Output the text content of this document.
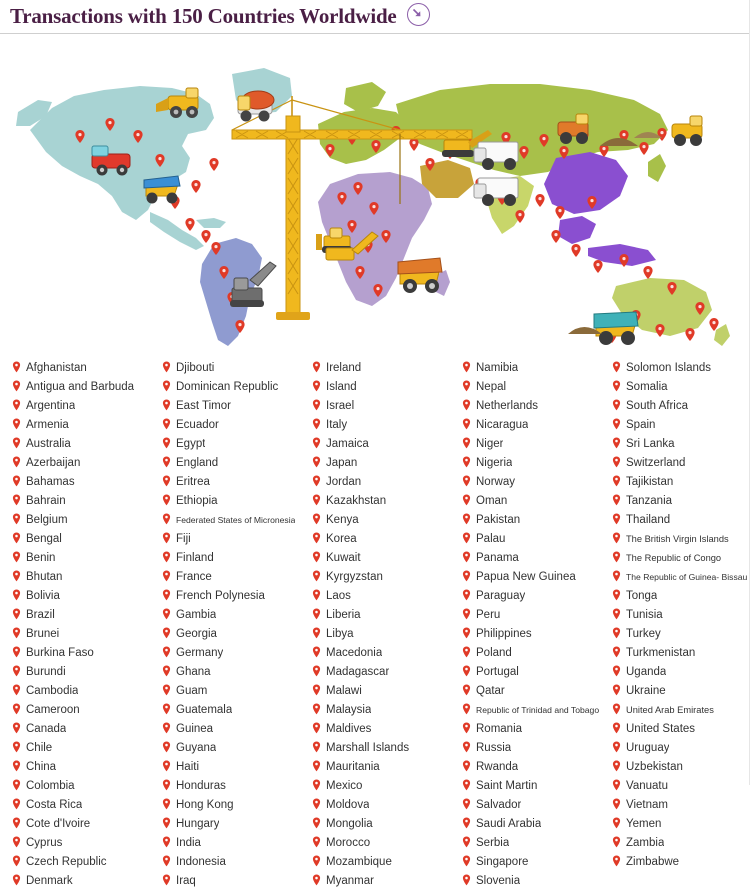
Transactions with 150 Countries Worldwide
Afghanistan
Antigua and Barbuda
Argentina
Armenia
Australia
Azerbaijan
Bahamas
Bahrain
Belgium
Bengal
Benin
Bhutan
Bolivia
Brazil
Brunei
Burkina Faso
Burundi
Cambodia
Cameroon
Canada
Chile
China
Colombia
Costa Rica
Cote d'Ivoire
Cyprus
Czech Republic
Denmark
Djibouti
Dominican Republic
East Timor
Ecuador
Egypt
England
Eritrea
Ethiopia
Federated States of Micronesia
Fiji
Finland
France
French Polynesia
Gambia
Georgia
Germany
Ghana
Guam
Guatemala
Guinea
Guyana
Haiti
Honduras
Hong Kong
Hungary
India
Indonesia
Iraq
Ireland
Island
Israel
Italy
Jamaica
Japan
Jordan
Kazakhstan
Kenya
Korea
Kuwait
Kyrgyzstan
Laos
Liberia
Libya
Macedonia
Madagascar
Malawi
Malaysia
Maldives
Marshall Islands
Mauritania
Mexico
Moldova
Mongolia
Morocco
Mozambique
Myanmar
Namibia
Nepal
Netherlands
Nicaragua
Niger
Nigeria
Norway
Oman
Pakistan
Palau
Panama
Papua New Guinea
Paraguay
Peru
Philippines
Poland
Portugal
Qatar
Republic of Trinidad and Tobago
Romania
Russia
Rwanda
Saint Martin
Salvador
Saudi Arabia
Serbia
Singapore
Slovenia
Solomon Islands
Somalia
South Africa
Spain
Sri Lanka
Switzerland
Tajikistan
Tanzania
Thailand
The British Virgin Islands
The Republic of Congo
The Republic of Guinea- Bissau
Tonga
Tunisia
Turkey
Turkmenistan
Uganda
Ukraine
United Arab Emirates
United States
Uruguay
Uzbekistan
Vanuatu
Vietnam
Yemen
Zambia
Zimbabwe
